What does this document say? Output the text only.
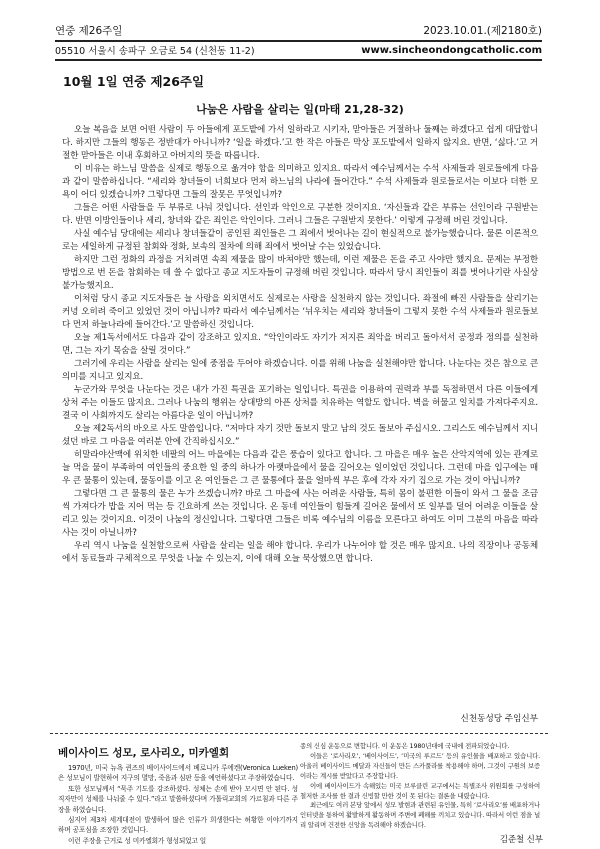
연중 제26주일	2023.10.01.(제2180호)
05510 서울시 송파구 오금로 54 (신천동 11-2)	www.sincheondongcatholic.com
10월 1일 연중 제26주일
나눔은 사람을 살리는 일(마태 21,28-32)

오늘 복음을 보면 어떤 사람이 두 아들에게 포도밭에 가서 일하라고 시키자, 맏아들은 거절하나 둘째는 하겠다고 쉽게 대답합니다. 하지만 그들의 행동은 정반대가 아니니까? ‘일을 하겠다.’고 한 작은 아들은 막상 포도밭에서 일하지 않지요. 반면, ‘싫다.’고 거절한 맏아들은 이내 후회하고 아버지의 뜻을 따릅니다.

이 비유는 하느님 말씀을 실제로 행동으로 옮겨야 함을 의미하고 있지요. 따라서 예수님께서는 수석 사제들과 원로들에게 다음과 같이 말씀하십니다. “세리와 창녀들이 너희보다 먼저 하느님의 나라에 들어간다.” 수석 사제들과 원로들로서는 이보다 더한 모욕이 어디 있겠습니까? 그렇다면 그들의 잘못은 무엇입니까?

그들은 어떤 사람들을 두 부류로 나눠 것입니다. 선인과 악인으로 구분한 것이지요. ‘자신들과 같은 부류는 선인이라 구원받는다. 반면 이방인들이나 세리, 창녀와 같은 죄인은 악인이다. 그러니 그들은 구원받지 못한다.’ 이렇게 규정해 버린 것입니다.

사실 예수님 당대에는 세리나 창녀들같이 공인된 죄인들은 그 죄에서 벗어나는 길이 현실적으로 불가능했습니다. 물론 이론적으로는 세일하게 규정된 참회와 정화, 보속의 절차에 의해 죄에서 벗어날 수는 있었습니다.

하지만 그런 정화의 과정을 거치려면 속죄 제물을 많이 바쳐야만 했는데, 이런 제물은 돈을 주고 사야만 했지요. 문제는 부정한 방법으로 번 돈을 참회하는 데 쓸 수 없다고 종교 지도자들이 규정해 버린 것입니다. 따라서 당시 죄인들이 죄를 벗어나기란 사실상 불가능했지요.

이처럼 당시 종교 지도자들은 늘 사랑을 외치면서도 실제로는 사랑을 실천하지 않는 것입니다. 좌절에 빠진 사람들을 살리기는커녕 오히려 죽이고 있었던 것이 아닙니까? 따라서 예수님께서는 ‘뉘우치는 세리와 창녀들이 그렇지 못한 수석 사제들과 원로들보다 먼저 하늘나라에 들어간다.’고 말씀하신 것입니다.

오늘 제1독서에서도 다음과 같이 강조하고 있지요. “악인이라도 자기가 저지른 죄악을 버리고 돌아서서 공정과 정의를 실천하면, 그는 자기 목숨을 살릴 것이다.”

그러기에 우리는 사람을 살리는 일에 중점을 두어야 하겠습니다. 이를 위해 나눔을 실천해야만 합니다. 나눈다는 것은 참으로 큰 의미를 지니고 있지요.

누군가와 무엇을 나눈다는 것은 내가 가진 특권을 포기하는 일입니다. 특권을 이용하여 권력과 부를 독점하면서 다른 이들에게 상처 주는 이들도 많지요. 그러나 나눔의 행위는 상대방의 아픈 상처를 치유하는 역할도 합니다. 벽을 허물고 일치를 가져다주지요. 결국 이 사회까지도 살리는 아름다운 일이 아닙니까?

오늘 제2독서의 바오로 사도 말씀입니다. “저마다 자기 것만 돌보지 말고 남의 것도 돌보아 주십시오. 그리스도 예수님께서 지니셨던 바로 그 마음을 여러분 안에 간직하십시오.”

히말라야산맥에 위치한 네팔의 어느 마을에는 다음과 같은 풍습이 있다고 합니다. 그 마을은 매우 높은 산악지역에 있는 관계로 늘 먹을 물이 부족하여 여인들의 중요한 일 중의 하나가 아랫마을에서 물을 길어오는 일이었던 것입니다. 그런데 마을 입구에는 매우 큰 물통이 있는데, 물동이를 이고 온 여인들은 그 큰 물통에다 물을 얼마씩 부은 후에 각자 자기 집으로 가는 것이 아닙니까?

그렇다면 그 큰 물통의 물은 누가 쓰겠습니까? 바로 그 마을에 사는 어려운 사람들, 특히 몸이 불편한 이들이 와서 그 물을 조금씩 가져다가 밥을 지어 먹는 등 긴요하게 쓰는 것입니다. 온 동네 여인들이 힘들게 길어온 물에서 또 일부를 덜어 어려운 이들을 살리고 있는 것이지요. 이것이 나눔의 정신입니다. 그렇다면 그들은 비록 예수님의 이름을 모른다고 하여도 이미 그분의 마음을 따라 사는 것이 아닐니까?

우리 역시 나눔을 실천함으로써 사람을 살리는 일을 해야 합니다. 우리가 나누어야 할 것은 매우 많지요. 나의 직장이나 공동체에서 동료들과 구체적으로 무엇을 나눌 수 있는지, 이에 대해 오늘 묵상했으면 합니다.

신천동성당 주임신부
베이사이드 성모, 로사리오, 미카엘회

1970년, 미국 뉴욕 퀸즈의 베이사이드에서 베로니카 루에켄(Veronica Lueken)은 성모님이 발현하여 지구의 멸망, 죽음과 심판 등을 예언하셨다고 주장하였습니다.

또한 성모님께서 “묵주 기도를 강조하셨다. 성체는 손에 받아 모시면 안 된다. 성직자만이 성체를 나눠줄 수 있다.”라고 말씀하셨다며 가톨릭교회의 가르침과 다른 주장을 하였습니다.

심지어 제3차 세계대전이 발생하여 많은 인류가 희생한다는 허황한 이야기까지 하며 공포심을 조장한 것입니다.

이런 주장을 근거로 성 미카엘회가 형성되었고 일

종의 신심 운동으로 변합니다. 이 운동은 1980년대에 국내에 전파되었습니다.

이들은 ‘로사리오’, ‘베이사이드’, ‘미국의 루르드’ 등의 유인물을 배포하고 있습니다. 아울러 베이사이드 메달과 자신들이 만든 스카풀라를 착용해야 하며, 그것이 구원의 보증이라는 계시를 받았다고 주장합니다.

이에 베이사이드가 속해있는 미국 브루클린 교구에서는 특별조사 위원회를 구성하여 철저한 조사를 한 결과 신빙할 만한 것이 못 된다는 결론을 내렸습니다.

최근에도 여러 본당 앞에서 성모 발현과 관련된 유인물, 특히 ‘로사리오’를 배포하거나 인터넷을 통하여 활발하게 활동하며 주변에 폐해를 끼치고 있습니다. 따라서 이런 점을 널리 알리며 건전한 신앙을 독려해야 하겠습니다.

김준철 신부
